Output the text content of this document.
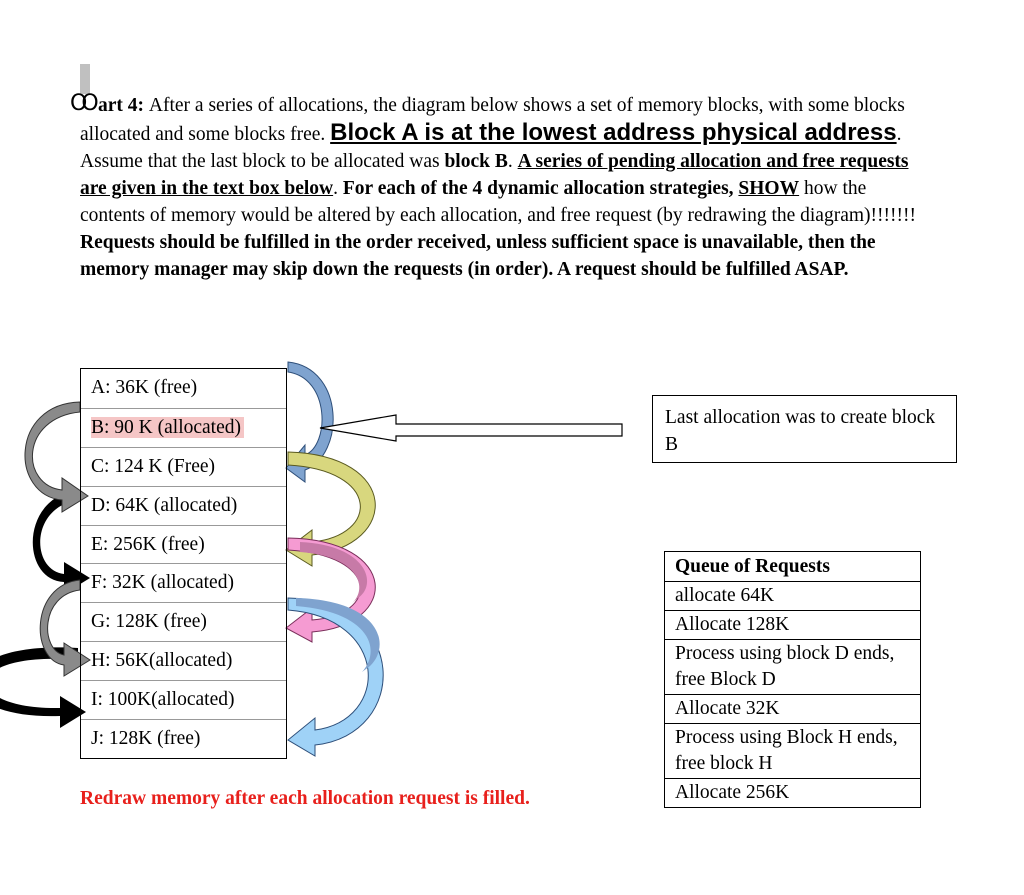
OO art 4: After a series of allocations, the diagram below shows a set of memory blocks, with some blocks allocated and some blocks free. Block A is at the lowest address physical address. Assume that the last block to be allocated was block B. A series of pending allocation and free requests are given in the text box below. For each of the 4 dynamic allocation strategies, SHOW how the contents of memory would be altered by each allocation, and free request (by redrawing the diagram)!!!!!!! Requests should be fulfilled in the order received, unless sufficient space is unavailable, then the memory manager may skip down the requests (in order). A request should be fulfilled ASAP.
A: 36K (free)
B: 90 K (allocated)
C: 124 K (Free)
D: 64K (allocated)
E: 256K (free)
F: 32K (allocated)
G: 128K (free)
H: 56K(allocated)
I: 100K(allocated)
J: 128K (free)
Last allocation was to create block B
Queue of Requests
allocate 64K
Allocate 128K
Process using block D ends, free Block D
Allocate 32K
Process using Block H ends, free block H
Allocate 256K
Redraw memory after each allocation request is filled.
